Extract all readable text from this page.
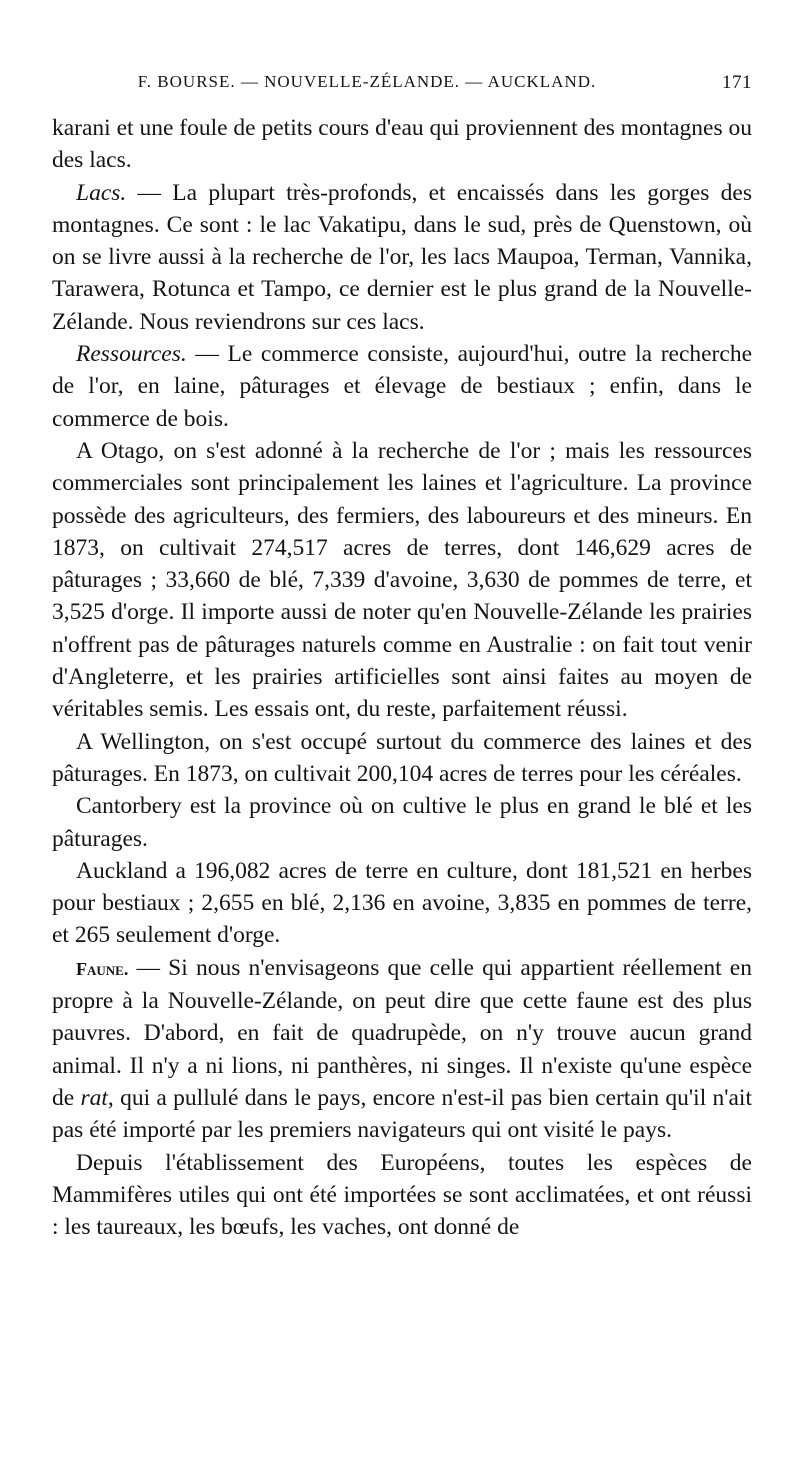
F. BOURSE. — NOUVELLE-ZÉLANDE. — AUCKLAND.	171

karani et une foule de petits cours d'eau qui proviennent des montagnes ou des lacs.

Lacs. — La plupart très-profonds, et encaissés dans les gorges des montagnes. Ce sont : le lac Vakatipu, dans le sud, près de Quenstown, où on se livre aussi à la recherche de l'or, les lacs Maupoa, Terman, Vannika, Tarawera, Rotunca et Tampo, ce dernier est le plus grand de la Nouvelle-Zélande. Nous reviendrons sur ces lacs.

Ressources. — Le commerce consiste, aujourd'hui, outre la recherche de l'or, en laine, pâturages et élevage de bestiaux ; enfin, dans le commerce de bois.

A Otago, on s'est adonné à la recherche de l'or ; mais les ressources commerciales sont principalement les laines et l'agriculture. La province possède des agriculteurs, des fermiers, des laboureurs et des mineurs. En 1873, on cultivait 274,517 acres de terres, dont 146,629 acres de pâturages ; 33,660 de blé, 7,339 d'avoine, 3,630 de pommes de terre, et 3,525 d'orge. Il importe aussi de noter qu'en Nouvelle-Zélande les prairies n'offrent pas de pâturages naturels comme en Australie : on fait tout venir d'Angleterre, et les prairies artificielles sont ainsi faites au moyen de véritables semis. Les essais ont, du reste, parfaitement réussi.

A Wellington, on s'est occupé surtout du commerce des laines et des pâturages. En 1873, on cultivait 200,104 acres de terres pour les céréales.

Cantorbery est la province où on cultive le plus en grand le blé et les pâturages.

Auckland a 196,082 acres de terre en culture, dont 181,521 en herbes pour bestiaux ; 2,655 en blé, 2,136 en avoine, 3,835 en pommes de terre, et 265 seulement d'orge.

Faune. — Si nous n'envisageons que celle qui appartient réellement en propre à la Nouvelle-Zélande, on peut dire que cette faune est des plus pauvres. D'abord, en fait de quadrupède, on n'y trouve aucun grand animal. Il n'y a ni lions, ni panthères, ni singes. Il n'existe qu'une espèce de rat, qui a pullulé dans le pays, encore n'est-il pas bien certain qu'il n'ait pas été importé par les premiers navigateurs qui ont visité le pays.

Depuis l'établissement des Européens, toutes les espèces de Mammifères utiles qui ont été importées se sont acclimatées, et ont réussi : les taureaux, les bœufs, les vaches, ont donné de
